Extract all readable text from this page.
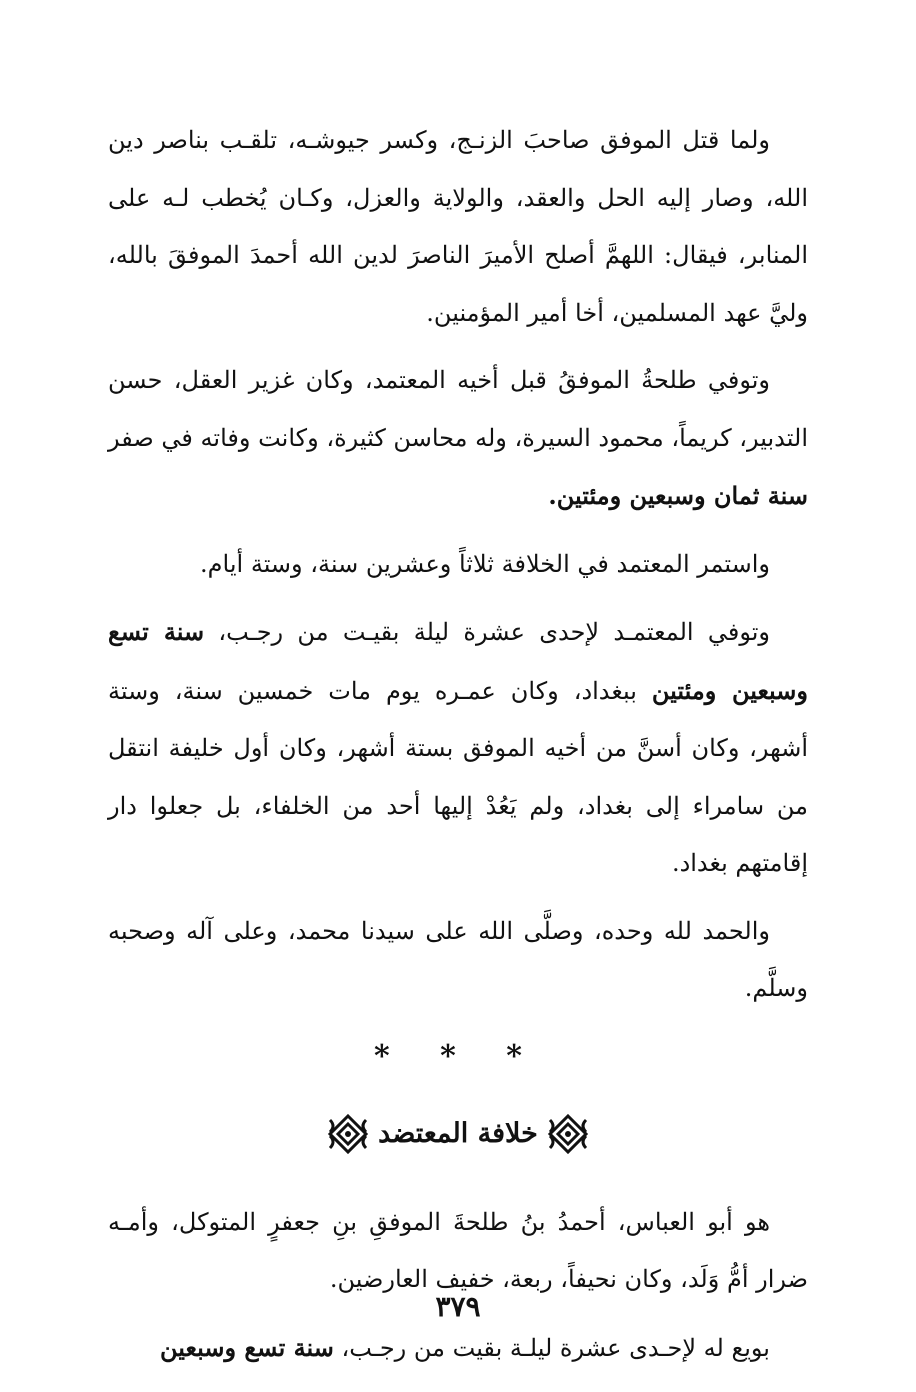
ولما قتل الموفق صاحبَ الزنـج، وكسر جيوشـه، تلقـب بناصر دين الله، وصار إليه الحل والعقد، والولاية والعزل، وكـان يُخطب لـه على المنابر، فيقال: اللهمَّ أصلح الأميرَ الناصرَ لدين الله أحمدَ الموفقَ بالله، وليَّ عهد المسلمين، أخا أمير المؤمنين.

وتوفي طلحةُ الموفقُ قبل أخيه المعتمد، وكان غزير العقل، حسن التدبير، كريماً، محمود السيرة، وله محاسن كثيرة، وكانت وفاته في صفر سنة ثمان وسبعين ومئتين.

واستمر المعتمد في الخلافة ثلاثاً وعشرين سنة، وستة أيام.

وتوفي المعتمـد لإحدى عشرة ليلة بقيـت من رجـب، سنة تسع وسبعين ومئتين ببغداد، وكان عمـره يوم مات خمسين سنة، وستة أشهر، وكان أسنَّ من أخيه الموفق بستة أشهر، وكان أول خليفة انتقل من سامراء إلى بغداد، ولم يَعُدْ إليها أحد من الخلفاء، بل جعلوا دار إقامتهم بغداد.

والحمد لله وحده، وصلَّى الله على سيدنا محمد، وعلى آله وصحبه وسلَّم.

* * *
خلافة المعتضد

هو أبو العباس، أحمدُ بنُ طلحةَ الموفقِ بنِ جعفرٍ المتوكل، وأمـه ضرار أمُّ وَلَد، وكان نحيفاً، ربعة، خفيف العارضين.

بويع له لإحـدى عشرة ليلـة بقيت من رجـب، سنة تسع وسبعين

٣٧٩
